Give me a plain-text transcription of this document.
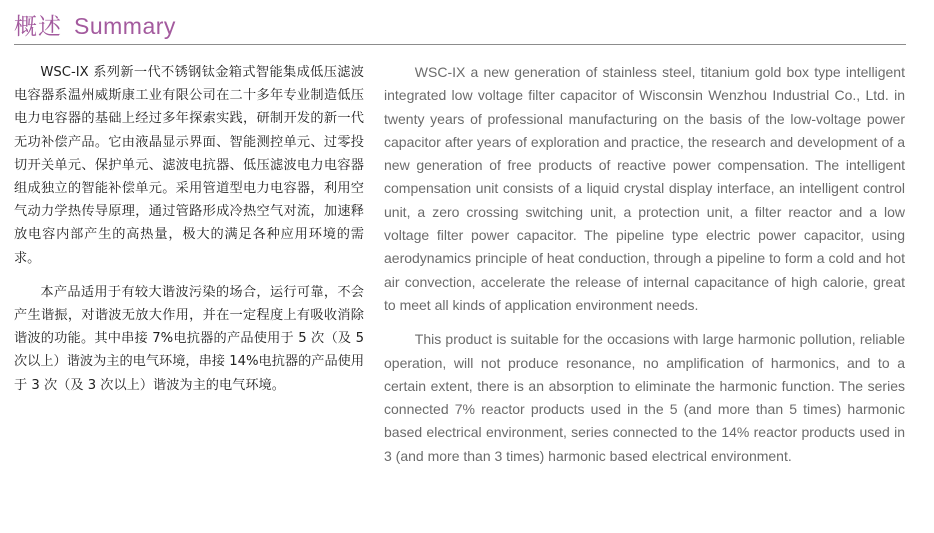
概述 Summary

WSC-IX 系列新一代不锈钢钛金箱式智能集成低压滤波电容器系温州威斯康工业有限公司在二十多年专业制造低压电力电容器的基础上经过多年探索实践，研制开发的新一代无功补偿产品。它由液晶显示界面、智能测控单元、过零投切开关单元、保护单元、滤波电抗器、低压滤波电力电容器组成独立的智能补偿单元。采用管道型电力电容器，利用空气动力学热传导原理，通过管路形成冷热空气对流，加速释放电容内部产生的高热量，极大的满足各种应用环境的需求。

本产品适用于有较大谐波污染的场合，运行可靠，不会产生谐振，对谐波无放大作用，并在一定程度上有吸收消除谐波的功能。其中串接 7%电抗器的产品使用于 5 次（及 5 次以上）谐波为主的电气环境，串接 14%电抗器的产品使用于 3 次（及 3 次以上）谐波为主的电气环境。

WSC-IX a new generation of stainless steel, titanium gold box type intelligent integrated low voltage filter capacitor of Wisconsin Wenzhou Industrial Co., Ltd. in twenty years of professional manufacturing on the basis of the low-voltage power capacitor after years of exploration and practice, the research and development of a new generation of free products of reactive power compensation. The intelligent compensation unit consists of a liquid crystal display interface, an intelligent control unit, a zero crossing switching unit, a protection unit, a filter reactor and a low voltage filter power capacitor. The pipeline type electric power capacitor, using aerodynamics principle of heat conduction, through a pipeline to form a cold and hot air convection, accelerate the release of internal capacitance of high calorie, great to meet all kinds of application environment needs.

This product is suitable for the occasions with large harmonic pollution, reliable operation, will not produce resonance, no amplification of harmonics, and to a certain extent, there is an absorption to eliminate the harmonic function. The series connected 7% reactor products used in the 5 (and more than 5 times) harmonic based electrical environment, series connected to the 14% reactor products used in 3 (and more than 3 times) harmonic based electrical environment.
